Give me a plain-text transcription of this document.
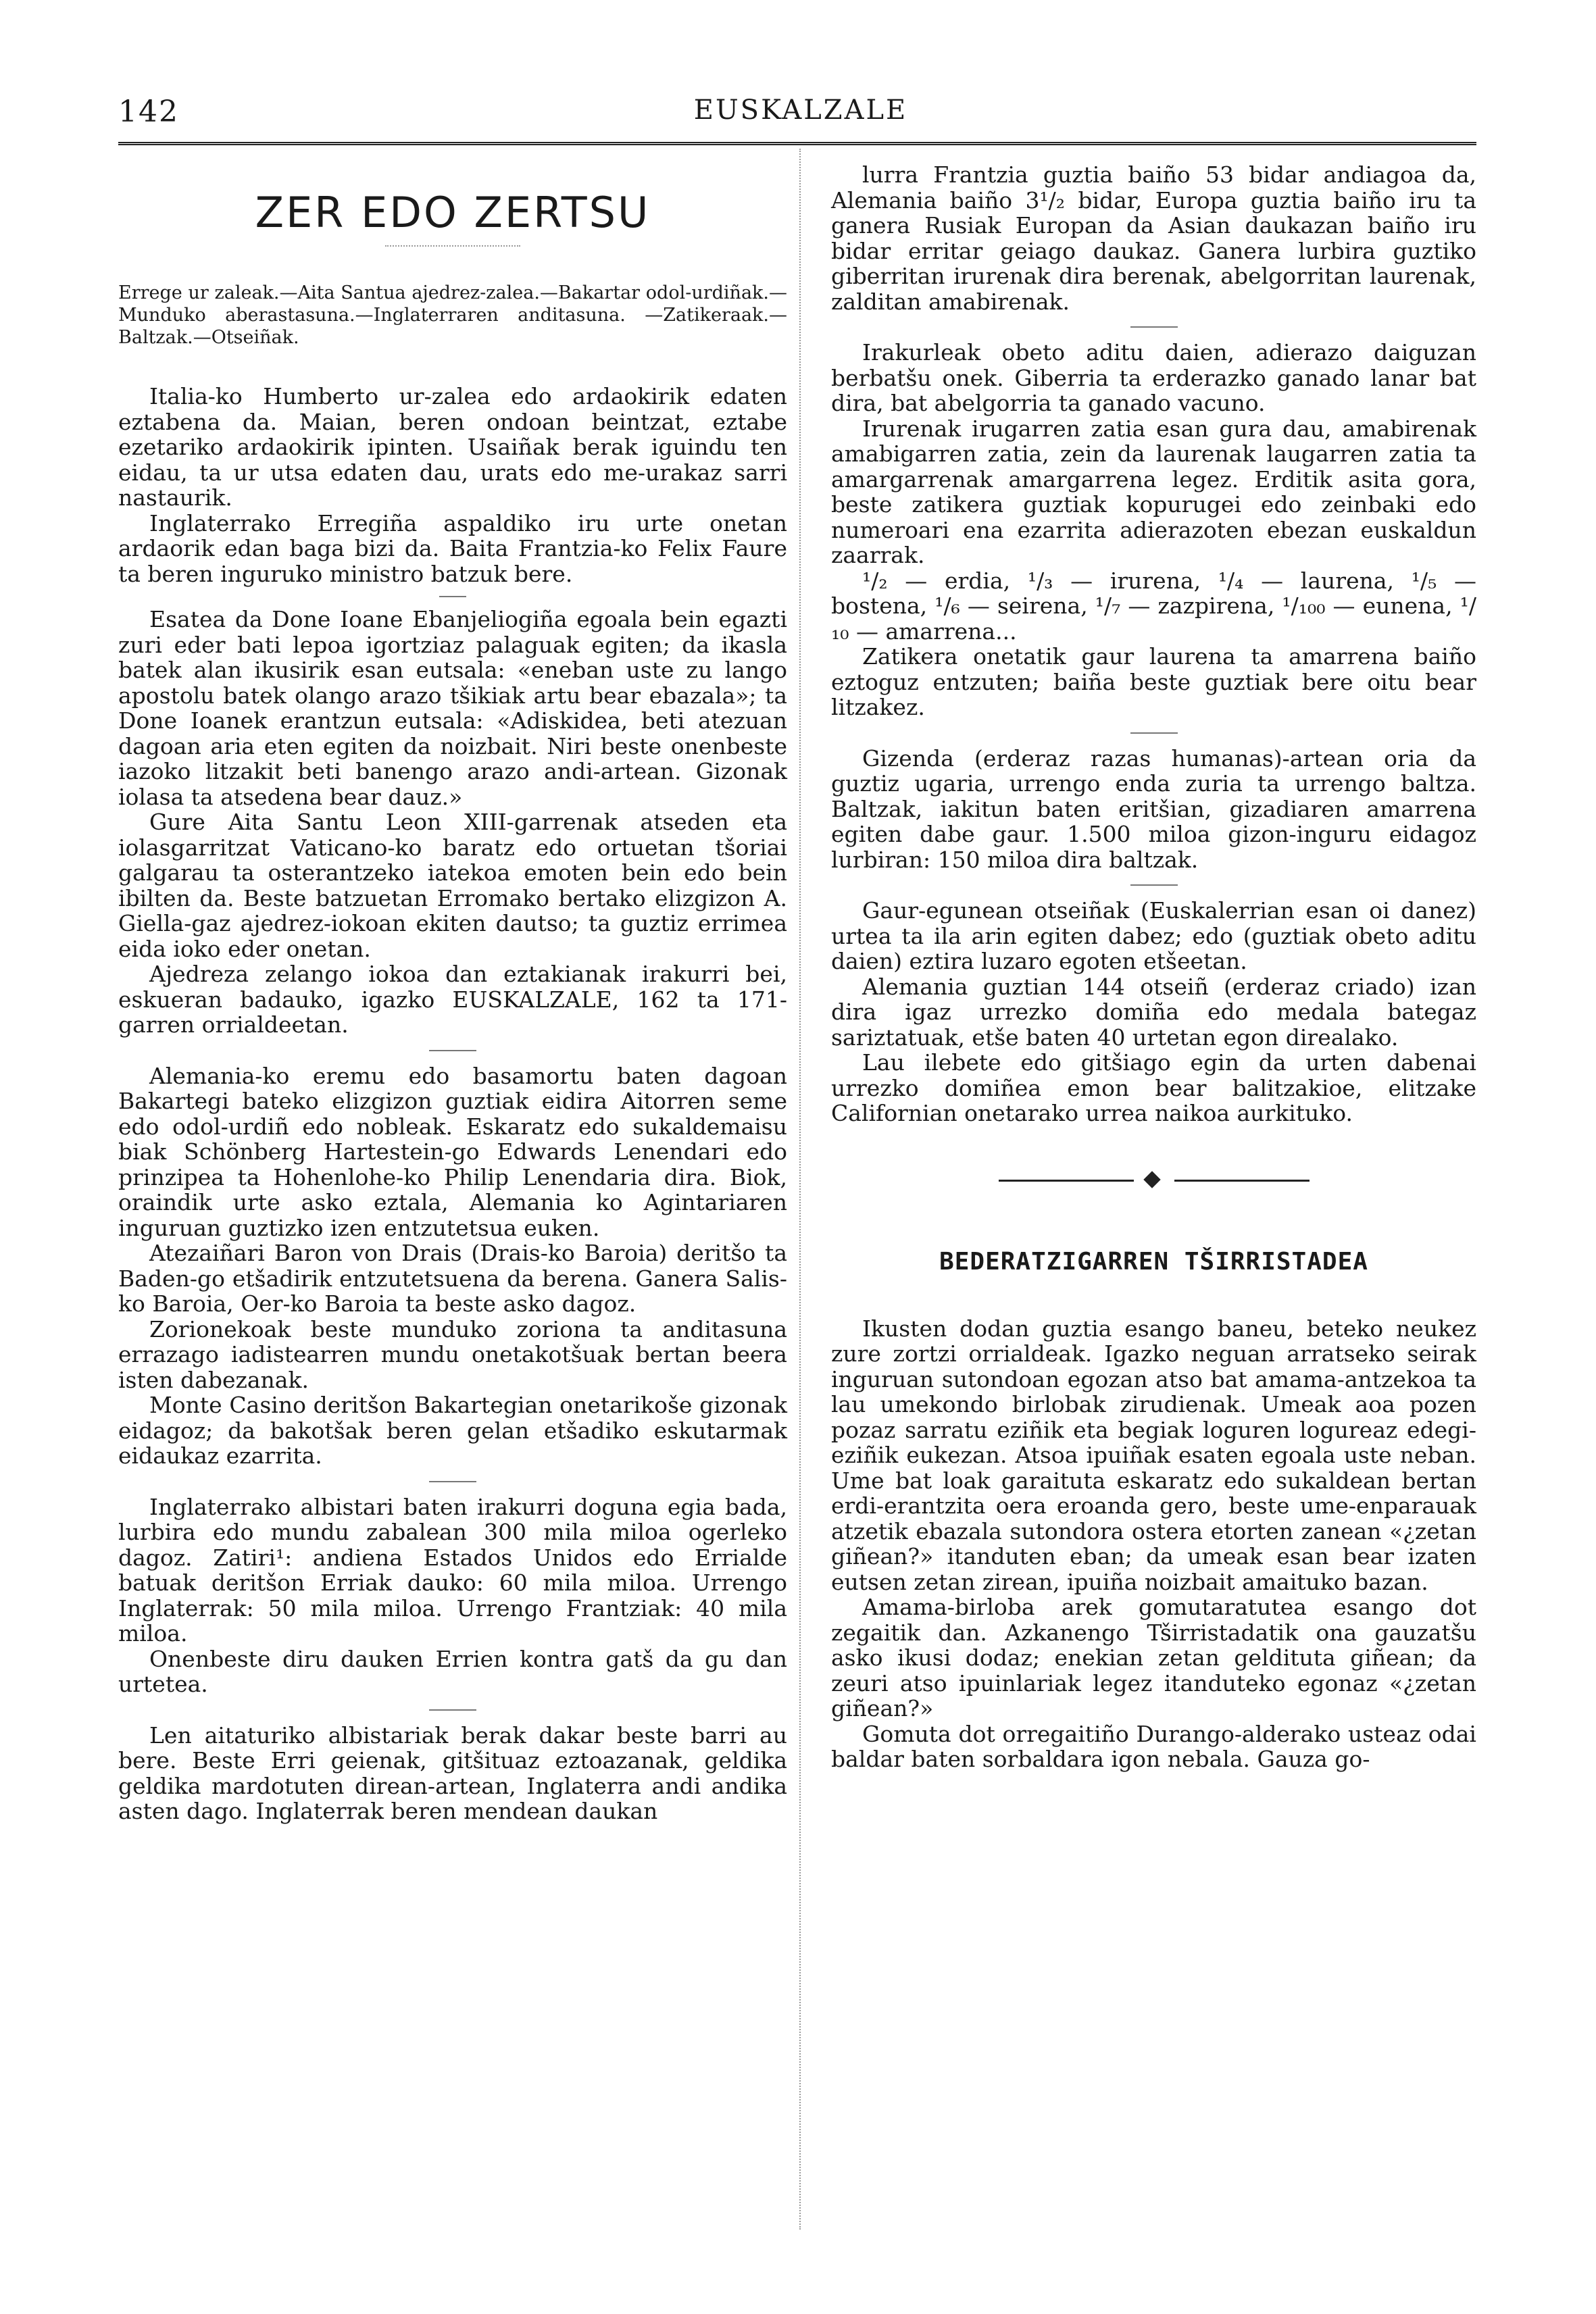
142	EUSKALZALE
ZER EDO ZERTSU
Errege ur zaleak.—Aita Santua ajedrez-zalea.—Bakartar odol-urdiñak.—Munduko aberastasuna.—Inglaterraren anditasuna. —Zatikeraak.—Baltzak.—Otseiñak.

Italia-ko Humberto ur-zalea edo ardaokirik edaten eztabena da. Maian, beren ondoan beintzat, eztabe ezetariko ardaokirik ipinten. Usaiñak berak iguindu ten eidau, ta ur utsa edaten dau, urats edo me-urakaz sarri nastaurik.

Inglaterrako Erregiña aspaldiko iru urte onetan ardaorik edan baga bizi da. Baita Frantzia-ko Felix Faure ta beren inguruko ministro batzuk bere.

Esatea da Done Ioane Ebanjeliogiña egoala bein egazti zuri eder bati lepoa igortziaz palaguak egiten; da ikasla batek alan ikusirik esan eutsala: «eneban uste zu lango apostolu batek olango arazo tšikiak artu bear ebazala»; ta Done Ioanek erantzun eutsala: «Adiskidea, beti atezuan dagoan aria eten egiten da noizbait. Niri beste onenbeste iazoko litzakit beti banengo arazo andi-artean. Gizonak iolasa ta atsedena bear dauz.»

Gure Aita Santu Leon XIII-garrenak atseden eta iolasgarritzat Vaticano-ko baratz edo ortuetan tšoriai galgarau ta osterantzeko iatekoa emoten bein edo bein ibilten da. Beste batzuetan Erromako bertako elizgizon A. Giella-gaz ajedrez-iokoan ekiten dautso; ta guztiz errimea eida ioko eder onetan.

Ajedreza zelango iokoa dan eztakianak irakurri bei, eskueran badauko, igazko EUSKALZALE, 162 ta 171-garren orrialdeetan.

Alemania-ko eremu edo basamortu baten dagoan Bakartegi bateko elizgizon guztiak eidira Aitorren seme edo odol-urdiñ edo nobleak. Eskaratz edo sukaldemaisu biak Schönberg Hartestein-go Edwards Lenendari edo prinzipea ta Hohenlohe-ko Philip Lenendaria dira. Biok, oraindik urte asko eztala, Alemania ko Agintariaren inguruan guztizko izen entzutetsua euken.

Atezaiñari Baron von Drais (Drais-ko Baroia) deritšo ta Baden-go etšadirik entzutetsuena da berena. Ganera Salis-ko Baroia, Oer-ko Baroia ta beste asko dagoz.

Zorionekoak beste munduko zoriona ta anditasuna errazago iadistearren mundu onetakotšuak bertan beera isten dabezanak.

Monte Casino deritšon Bakartegian onetarikoše gizonak eidagoz; da bakotšak beren gelan etšadiko eskutarmak eidaukaz ezarrita.

Inglaterrako albistari baten irakurri doguna egia bada, lurbira edo mundu zabalean 300 mila miloa ogerleko dagoz. Zatiri¹: andiena Estados Unidos edo Errialde batuak deritšon Erriak dauko: 60 mila miloa. Urrengo Inglaterrak: 50 mila miloa. Urrengo Frantziak: 40 mila miloa.

Onenbeste diru dauken Errien kontra gatš da gu dan urtetea.

Len aitaturiko albistariak berak dakar beste barri au bere. Beste Erri geienak, gitšituaz eztoazanak, geldika geldika mardotuten direan-artean, Inglaterra andi andika asten dago. Inglaterrak beren mendean daukan

lurra Frantzia guztia baiño 53 bidar andiagoa da, Alemania baiño 3¹/₂ bidar, Europa guztia baiño iru ta ganera Rusiak Europan da Asian daukazan baiño iru bidar erritar geiago daukaz. Ganera lurbira guztiko giberritan irurenak dira berenak, abelgorritan laurenak, zalditan amabirenak.

Irakurleak obeto aditu daien, adierazo daiguzan berbatšu onek. Giberria ta erderazko ganado lanar bat dira, bat abelgorria ta ganado vacuno.

Irurenak irugarren zatia esan gura dau, amabirenak amabigarren zatia, zein da laurenak laugarren zatia ta amargarrenak amargarrena legez. Erditik asita gora, beste zatikera guztiak kopurugei edo zeinbaki edo numeroari ena ezarrita adierazoten ebezan euskaldun zaarrak.

¹/₂ — erdia, ¹/₃ — irurena, ¹/₄ — laurena, ¹/₅ — bostena, ¹/₆ — seirena, ¹/₇ — zazpirena, ¹/₁₀₀ — eunena, ¹/₁₀ — amarrena...

Zatikera onetatik gaur laurena ta amarrena baiño eztoguz entzuten; baiña beste guztiak bere oitu bear litzakez.

Gizenda (erderaz razas humanas)-artean oria da guztiz ugaria, urrengo enda zuria ta urrengo baltza. Baltzak, iakitun baten eritšian, gizadiaren amarrena egiten dabe gaur. 1.500 miloa gizon-inguru eidagoz lurbiran: 150 miloa dira baltzak.

Gaur-egunean otseiñak (Euskalerrian esan oi danez) urtea ta ila arin egiten dabez; edo (guztiak obeto aditu daien) eztira luzaro egoten etšeetan.

Alemania guztian 144 otseiñ (erderaz criado) izan dira igaz urrezko domiña edo medala bategaz sariztatuak, etše baten 40 urtetan egon direalako.

Lau ilebete edo gitšiago egin da urten dabenai urrezko domiñea emon bear balitzakioe, elitzake Californian onetarako urrea naikoa aurkituko.

BEDERATZIGARREN TŠIRRISTADEA

Ikusten dodan guztia esango baneu, beteko neukez zure zortzi orrialdeak. Igazko neguan arratseko seirak inguruan sutondoan egozan atso bat amama-antzekoa ta lau umekondo birlobak zirudienak. Umeak aoa pozen pozaz sarratu eziñik eta begiak loguren logureaz edegi-eziñik eukezan. Atsoa ipuiñak esaten egoala uste neban. Ume bat loak garaituta eskaratz edo sukaldean bertan erdi-erantzita oera eroanda gero, beste ume-enparauak atzetik ebazala sutondora ostera etorten zanean «¿zetan giñean?» itanduten eban; da umeak esan bear izaten eutsen zetan zirean, ipuiña noizbait amaituko bazan.

Amama-birloba arek gomutaratutea esango dot zegaitik dan. Azkanengo Tširristadatik ona gauzatšu asko ikusi dodaz; enekian zetan geldituta giñean; da zeuri atso ipuinlariak legez itanduteko egonaz «¿zetan giñean?»

Gomuta dot orregaitiño Durango-alderako usteaz odai baldar baten sorbaldara igon nebala. Gauza go-
